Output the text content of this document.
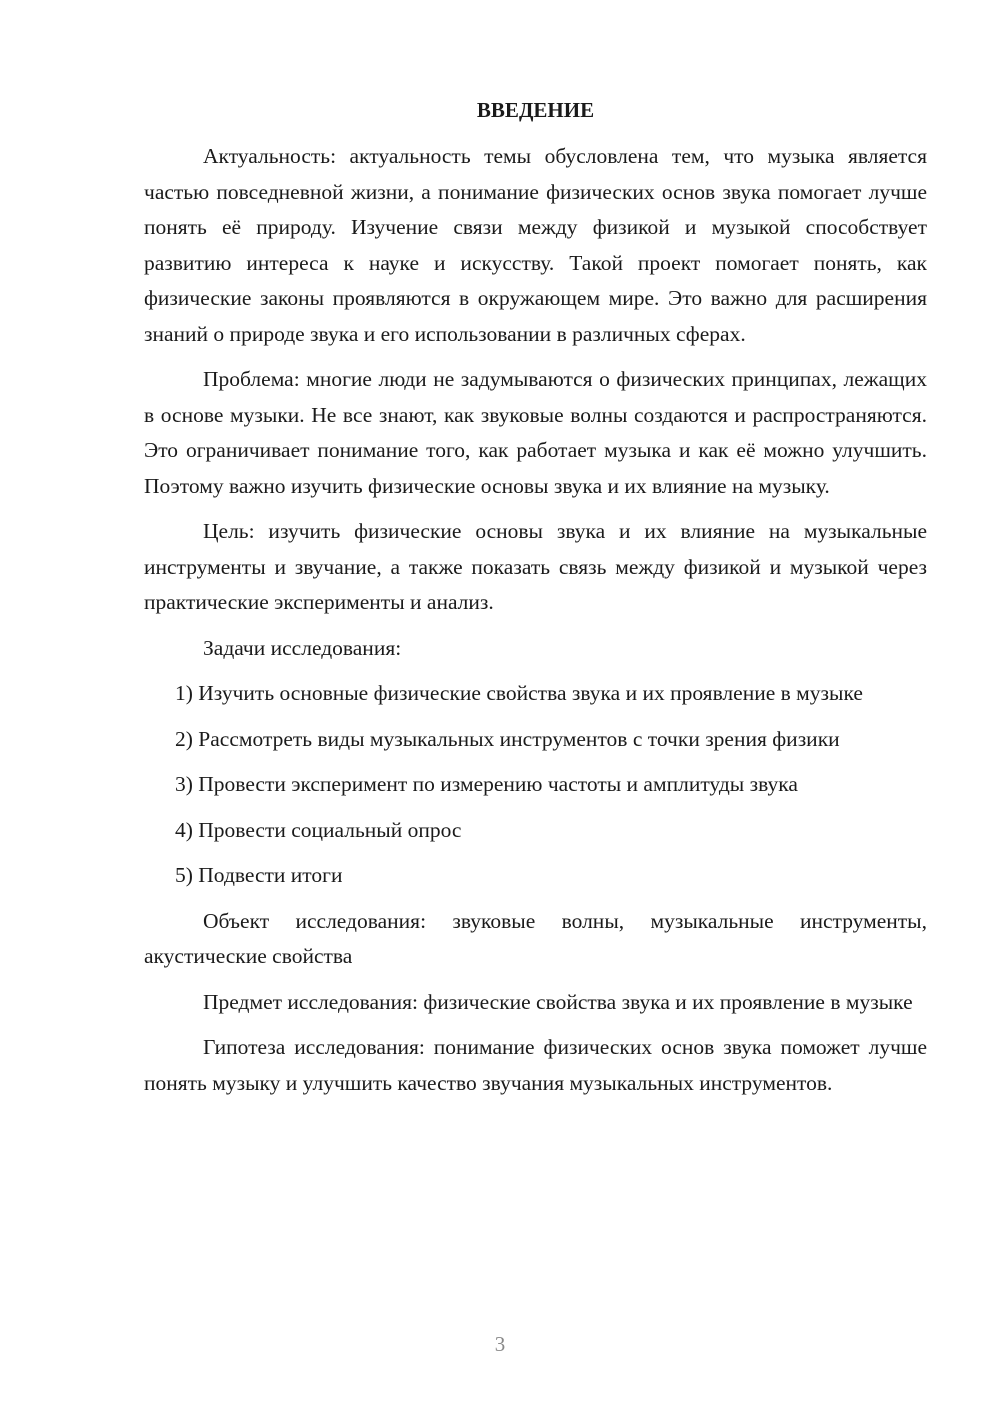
ВВЕДЕНИЕ

Актуальность: актуальность темы обусловлена тем, что музыка является частью повседневной жизни, а понимание физических основ звука помогает лучше понять её природу. Изучение связи между физикой и музыкой способствует развитию интереса к науке и искусству. Такой проект помогает понять, как физические законы проявляются в окружающем мире. Это важно для расширения знаний о природе звука и его использовании в различных сферах.

Проблема: многие люди не задумываются о физических принципах, лежащих в основе музыки. Не все знают, как звуковые волны создаются и распространяются. Это ограничивает понимание того, как работает музыка и как её можно улучшить. Поэтому важно изучить физические основы звука и их влияние на музыку.

Цель: изучить физические основы звука и их влияние на музыкальные инструменты и звучание, а также показать связь между физикой и музыкой через практические эксперименты и анализ.

Задачи исследования:

1) Изучить основные физические свойства звука и их проявление в музыке

2) Рассмотреть виды музыкальных инструментов с точки зрения физики

3) Провести эксперимент по измерению частоты и амплитуды звука

4) Провести социальный опрос

5) Подвести итоги

Объект исследования: звуковые волны, музыкальные инструменты, акустические свойства

Предмет исследования: физические свойства звука и их проявление в музыке

Гипотеза исследования: понимание физических основ звука поможет лучше понять музыку и улучшить качество звучания музыкальных инструментов.

3
